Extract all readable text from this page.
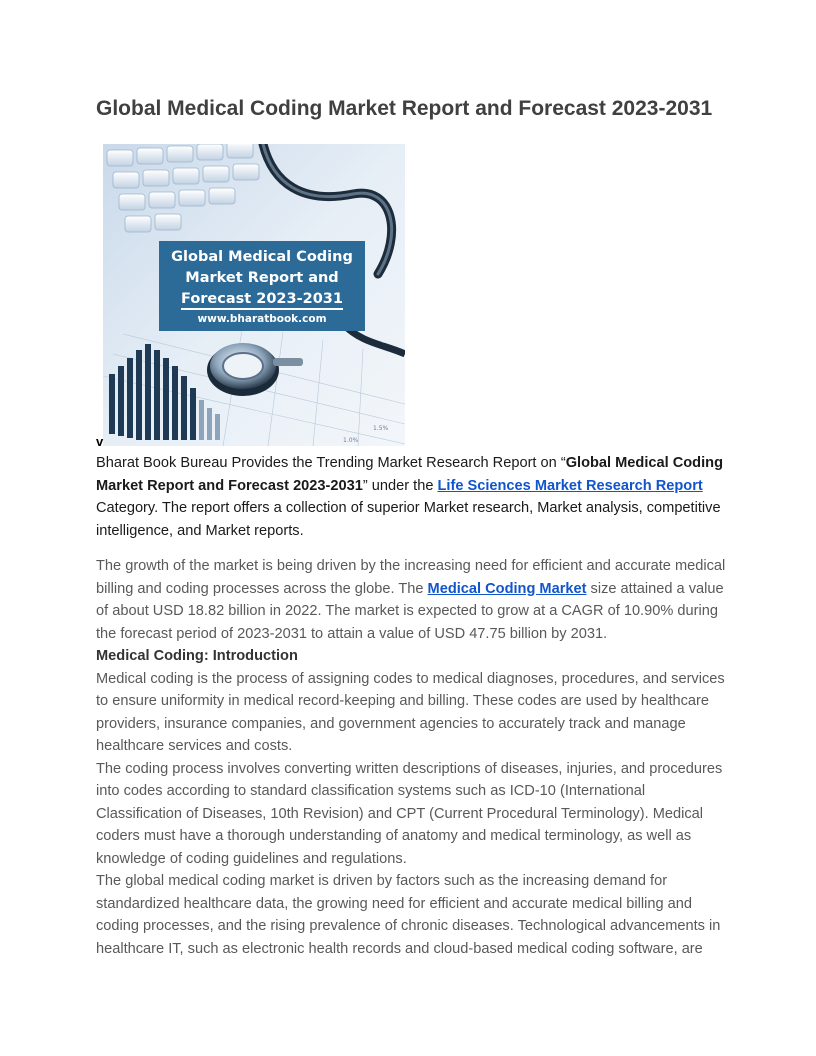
Global Medical Coding Market Report and Forecast 2023-2031
1.0%
1.5%
Global Medical Coding
Market Report and
Forecast 2023-2031
www.bharatbook.com
v

Bharat Book Bureau Provides the Trending Market Research Report on “Global Medical Coding Market Report and Forecast 2023-2031” under the Life Sciences Market Research Report Category. The report offers a collection of superior Market research, Market analysis, competitive intelligence, and Market reports.

The growth of the market is being driven by the increasing need for efficient and accurate medical billing and coding processes across the globe. The Medical Coding Market size attained a value of about USD 18.82 billion in 2022. The market is expected to grow at a CAGR of 10.90% during the forecast period of 2023-2031 to attain a value of USD 47.75 billion by 2031.
Medical Coding: Introduction
Medical coding is the process of assigning codes to medical diagnoses, procedures, and services to ensure uniformity in medical record-keeping and billing. These codes are used by healthcare providers, insurance companies, and government agencies to accurately track and manage healthcare services and costs.
The coding process involves converting written descriptions of diseases, injuries, and procedures into codes according to standard classification systems such as ICD-10 (International Classification of Diseases, 10th Revision) and CPT (Current Procedural Terminology). Medical coders must have a thorough understanding of anatomy and medical terminology, as well as knowledge of coding guidelines and regulations.
The global medical coding market is driven by factors such as the increasing demand for standardized healthcare data, the growing need for efficient and accurate medical billing and coding processes, and the rising prevalence of chronic diseases. Technological advancements in healthcare IT, such as electronic health records and cloud-based medical coding software, are
